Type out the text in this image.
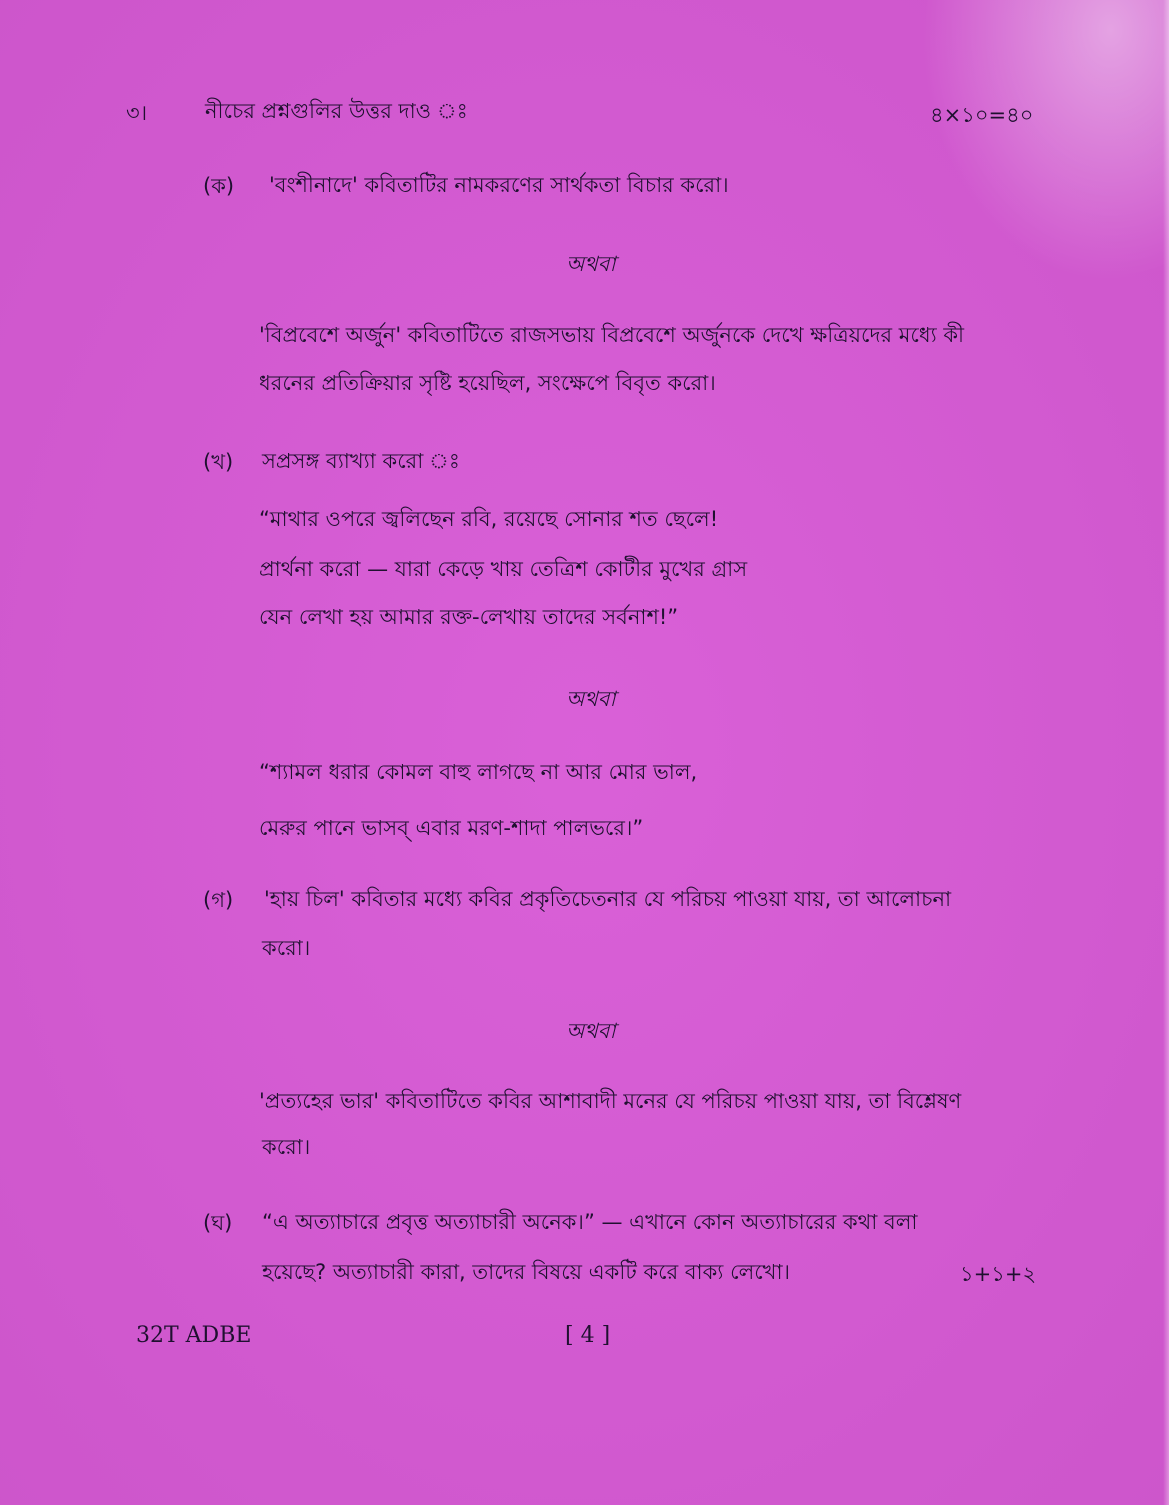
৩।	নীচের প্রশ্নগুলির উত্তর দাও ঃ	৪×১০=৪০
(ক) 'বংশীনাদে' কবিতাটির নামকরণের সার্থকতা বিচার করো।
অথবা
'বিপ্রবেশে অর্জুন' কবিতাটিতে রাজসভায় বিপ্রবেশে অর্জুনকে দেখে ক্ষত্রিয়দের মধ্যে কী
ধরনের প্রতিক্রিয়ার সৃষ্টি হয়েছিল, সংক্ষেপে বিবৃত করো।
(খ) সপ্রসঙ্গ ব্যাখ্যা করো ঃ
“মাথার ওপরে জ্বলিছেন রবি, রয়েছে সোনার শত ছেলে!
প্রার্থনা করো — যারা কেড়ে খায় তেত্রিশ কোটীর মুখের গ্রাস
যেন লেখা হয় আমার রক্ত-লেখায় তাদের সর্বনাশ!”
অথবা
“শ্যামল ধরার কোমল বাহু লাগছে না আর মোর ভাল,
মেরুর পানে ভাসব্ এবার মরণ-শাদা পালভরে।”
(গ) 'হায় চিল' কবিতার মধ্যে কবির প্রকৃতিচেতনার যে পরিচয় পাওয়া যায়, তা আলোচনা
করো।
অথবা
'প্রত্যহের ভার' কবিতাটিতে কবির আশাবাদী মনের যে পরিচয় পাওয়া যায়, তা বিশ্লেষণ
করো।
(ঘ) “এ অত্যাচারে প্রবৃত্ত অত্যাচারী অনেক।” — এখানে কোন অত্যাচারের কথা বলা
হয়েছে? অত্যাচারী কারা, তাদের বিষয়ে একটি করে বাক্য লেখো।	১+১+২
32T ADBE	[ 4 ]
